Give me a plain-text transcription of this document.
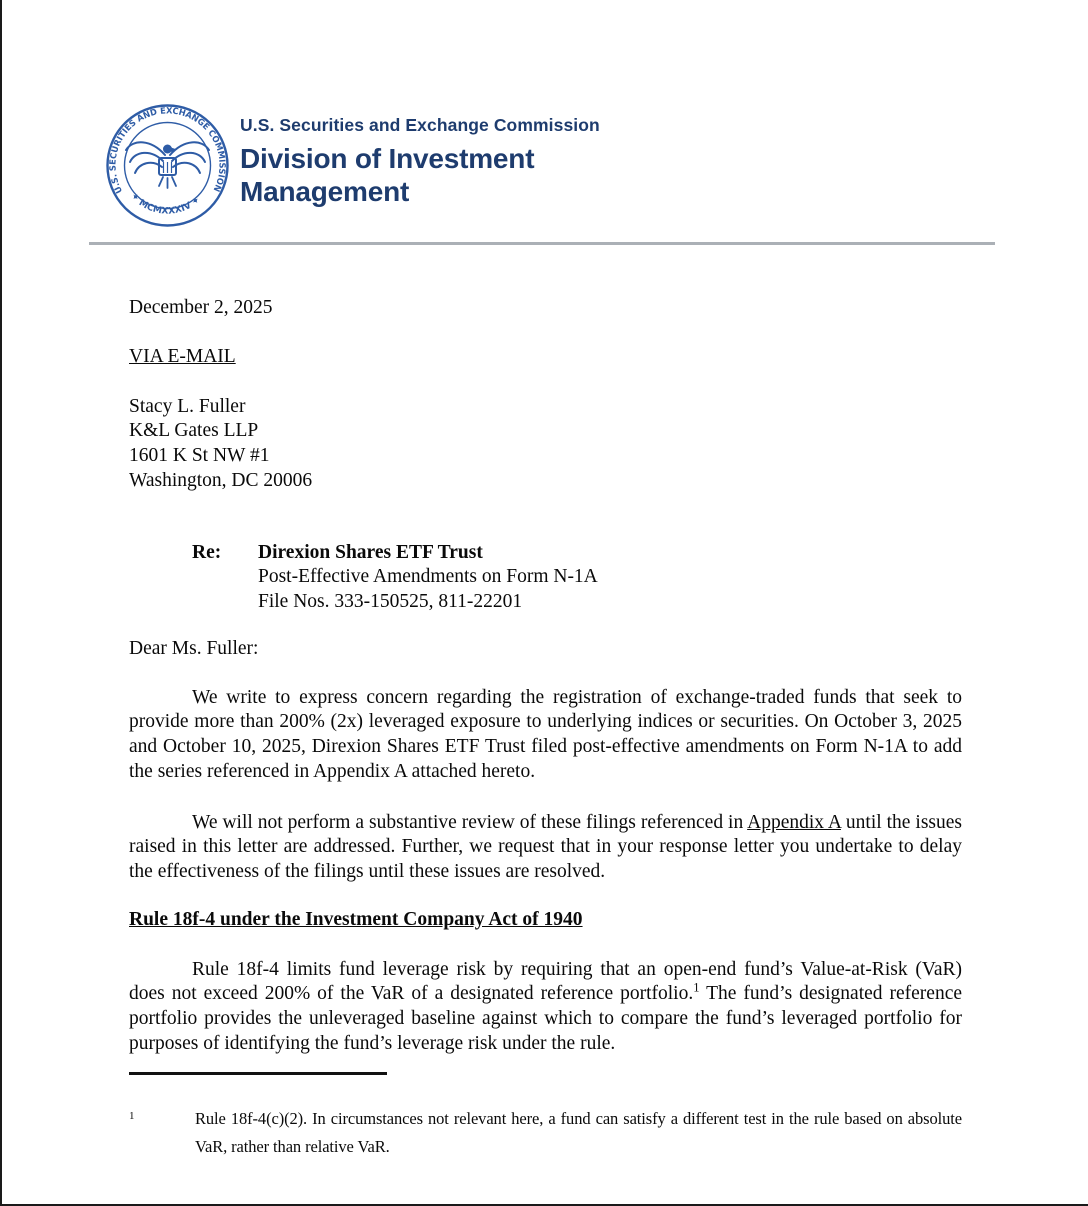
U.S. SECURITIES AND EXCHANGE COMMISSION
✦ MCMXXXIV ✦
U.S. Securities and Exchange Commission
Division of Investment
Management

December 2, 2025

VIA E-MAIL

Stacy L. Fuller
K&L Gates LLP
1601 K St NW #1
Washington, DC 20006
Re:	Direxion Shares ETF Trust
Post-Effective Amendments on Form N-1A
File Nos. 333-150525, 811-22201

Dear Ms. Fuller:

We write to express concern regarding the registration of exchange-traded funds that seek to provide more than 200% (2x) leveraged exposure to underlying indices or securities. On October 3, 2025 and October 10, 2025, Direxion Shares ETF Trust filed post-effective amendments on Form N-1A to add the series referenced in Appendix A attached hereto.

We will not perform a substantive review of these filings referenced in Appendix A until the issues raised in this letter are addressed. Further, we request that in your response letter you undertake to delay the effectiveness of the filings until these issues are resolved.

Rule 18f-4 under the Investment Company Act of 1940

Rule 18f-4 limits fund leverage risk by requiring that an open-end fund’s Value-at-Risk (VaR) does not exceed 200% of the VaR of a designated reference portfolio.$^1$ The fund’s designated reference portfolio provides the unleveraged baseline against which to compare the fund’s leveraged portfolio for purposes of identifying the fund’s leverage risk under the rule.

1	Rule 18f-4(c)(2). In circumstances not relevant here, a fund can satisfy a different test in the rule based on absolute VaR, rather than relative VaR.
